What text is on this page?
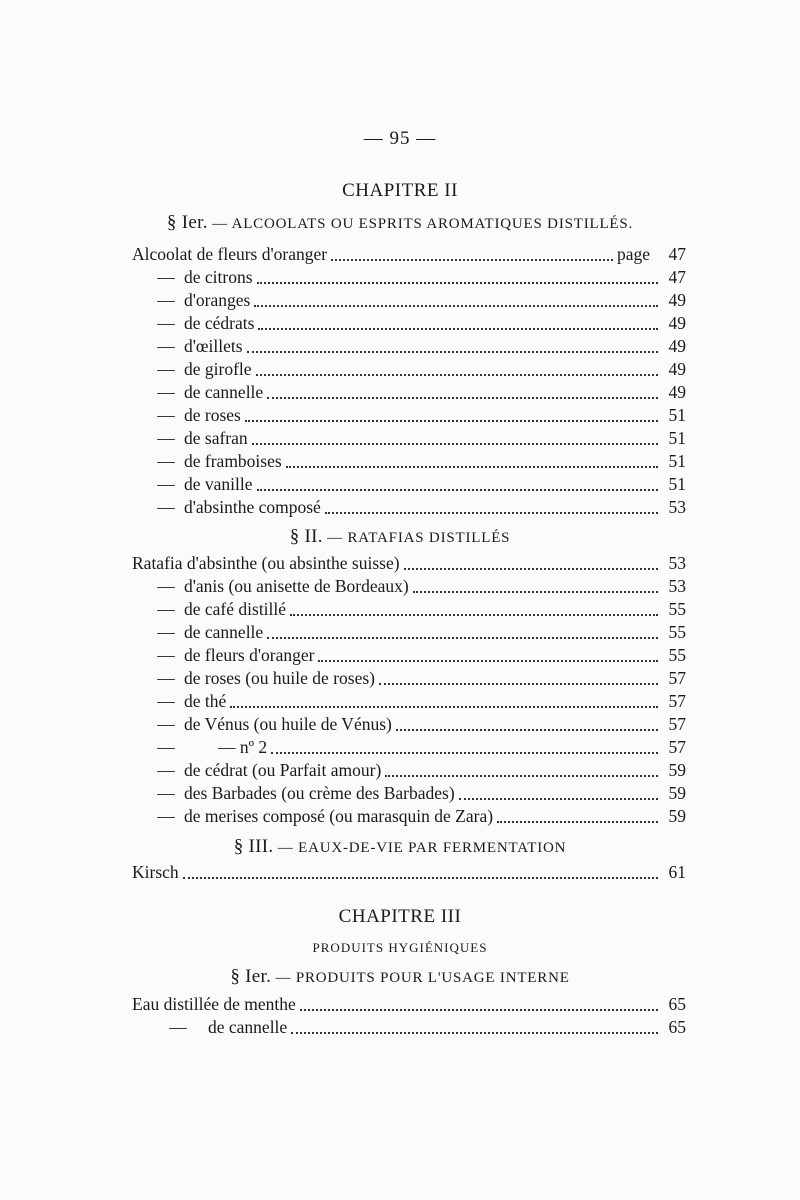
— 95 —
CHAPITRE II
§ Ier. — ALCOOLATS OU ESPRITS AROMATIQUES DISTILLÉS.
Alcoolat de fleurs d'oranger	page	47
— de citrons	47
— d'oranges	49
— de cédrats	49
— d'œillets	49
— de girofle	49
— de cannelle	49
— de roses	51
— de safran	51
— de framboises	51
— de vanille	51
— d'absinthe composé	53
§ II. — RATAFIAS DISTILLÉS
Ratafia d'absinthe (ou absinthe suisse)	53
— d'anis (ou anisette de Bordeaux)	53
— de café distillé	55
— de cannelle	55
— de fleurs d'oranger	55
— de roses (ou huile de roses)	57
— de thé	57
— de Vénus (ou huile de Vénus)	57
—	— nº 2	57
— de cédrat (ou Parfait amour)	59
— des Barbades (ou crème des Barbades)	59
— de merises composé (ou marasquin de Zara)	59
§ III. — EAUX-DE-VIE PAR FERMENTATION
Kirsch	61
CHAPITRE III
PRODUITS HYGIÉNIQUES
§ Ier. — PRODUITS POUR L'USAGE INTERNE
Eau distillée de menthe	65
—	de cannelle	65
